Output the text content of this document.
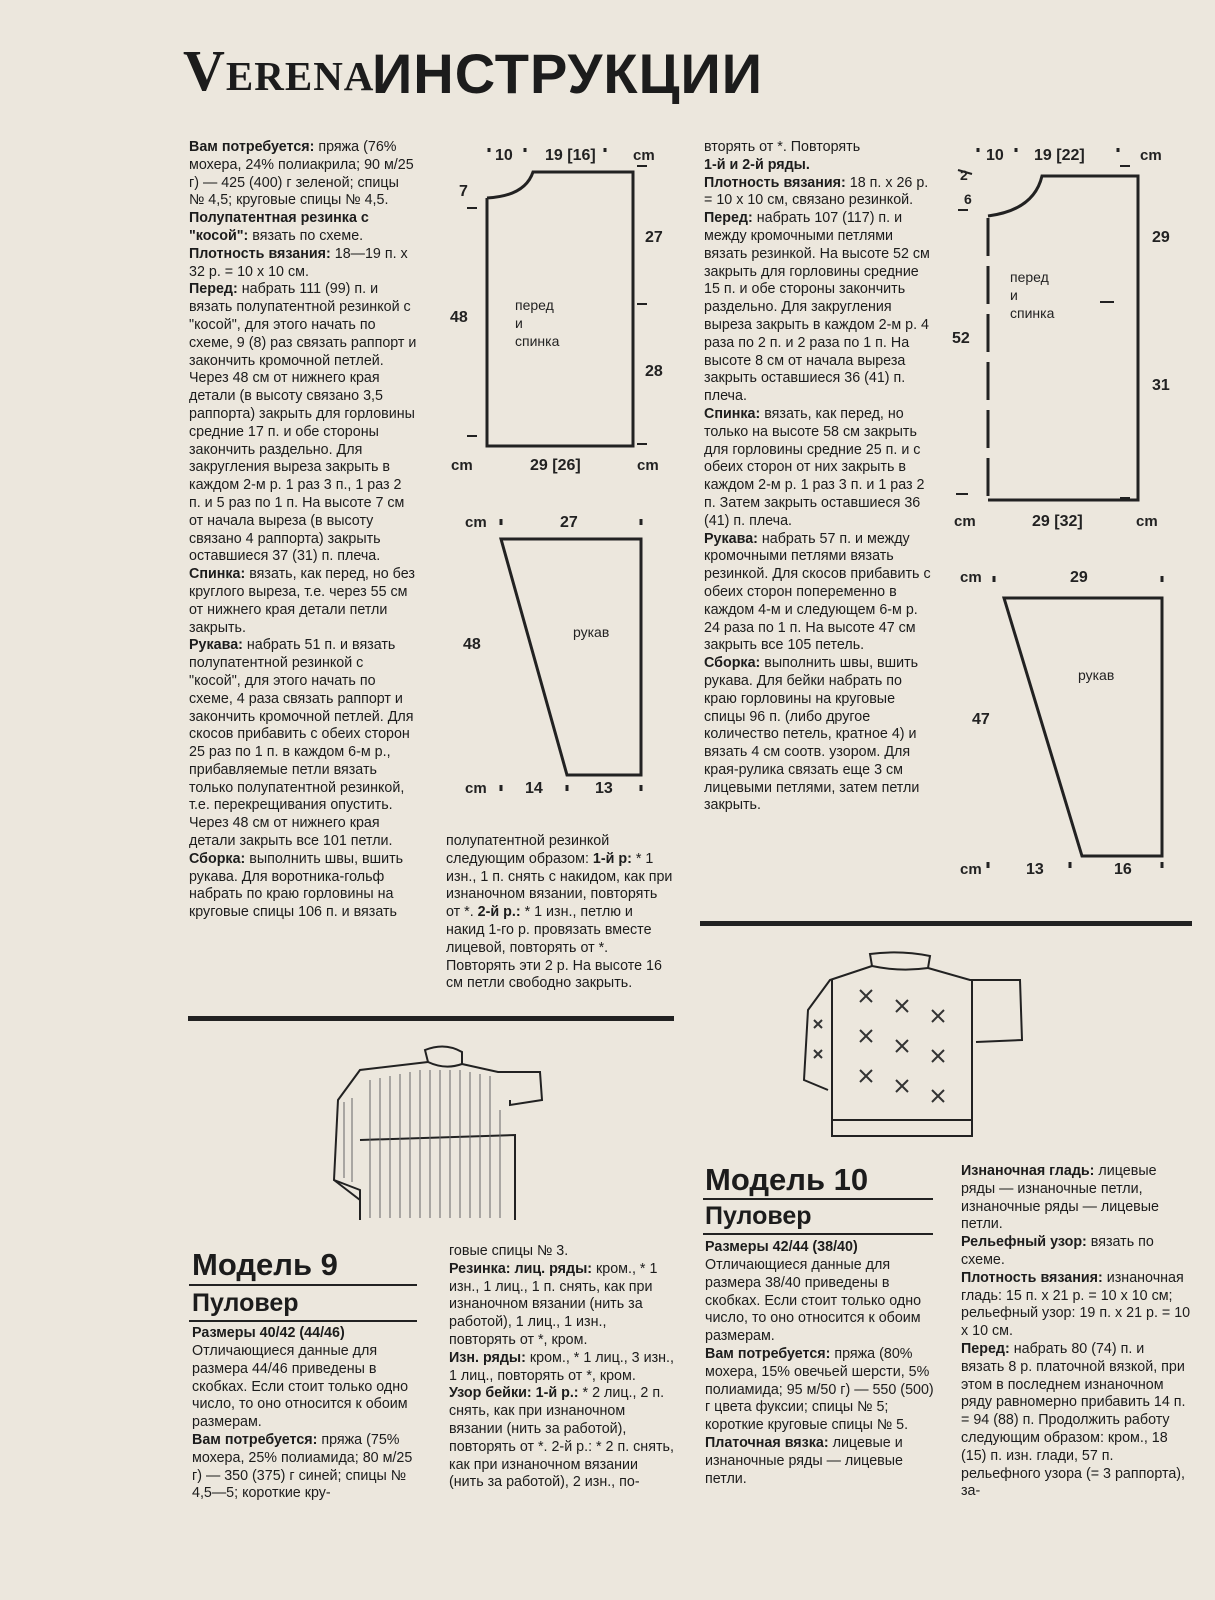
Verena
ИНСТРУКЦИИ

Вам потребуется: пряжа (76% мохера, 24% полиакрила; 90 м/25 г) — 425 (400) г зеленой; спицы № 4,5; круговые спицы № 4,5.

Полупатентная резинка с "косой": вязать по схеме.

Плотность вязания: 18—19 п. х 32 р. = 10 х 10 см.

Перед: набрать 111 (99) п. и вязать полупатентной резинкой с "косой", для этого начать по схеме, 9 (8) раз связать раппорт и закончить кромочной петлей. Через 48 см от нижнего края детали (в высоту связано 3,5 раппорта) закрыть для горловины средние 17 п. и обе стороны закончить раздельно. Для закругления выреза закрыть в каждом 2-м р. 1 раз 3 п., 1 раз 2 п. и 5 раз по 1 п. На высоте 7 см от начала выреза (в высоту связано 4 раппорта) закрыть оставшиеся 37 (31) п. плеча.

Спинка: вязать, как перед, но без круглого выреза, т.е. через 55 см от нижнего края детали петли закрыть.

Рукава: набрать 51 п. и вязать полупатентной резинкой с "косой", для этого начать по схеме, 4 раза связать раппорт и закончить кромочной петлей. Для скосов прибавить с обеих сторон 25 раз по 1 п. в каждом 6-м р., прибавляемые петли вязать только полупатентной резинкой, т.е. перекрещивания опустить. Через 48 см от нижнего края детали закрыть все 101 петли.

Сборка: выполнить швы, вшить рукава. Для воротника-гольф набрать по краю горловины на круговые спицы 106 п. и вязать

полупатентной резинкой следующим образом: 1-й р: * 1 изн., 1 п. снять с накидом, как при изнаночном вязании, повторять от *. 2-й р.: * 1 изн., петлю и накид 1-го р. провязать вместе лицевой, повторять от *. Повторять эти 2 р. На высоте 16 см петли свободно закрыть.

вторять от *. Повторять

1-й и 2-й ряды.

Плотность вязания: 18 п. х 26 р. = 10 х 10 см, связано резинкой.

Перед: набрать 107 (117) п. и между кромочными петлями вязать резинкой. На высоте 52 см закрыть для горловины средние 15 п. и обе стороны закончить раздельно. Для закругления выреза закрыть в каждом 2-м р. 4 раза по 2 п. и 2 раза по 1 п. На высоте 8 см от начала выреза закрыть оставшиеся 36 (41) п. плеча.

Спинка: вязать, как перед, но только на высоте 58 см закрыть для горловины средние 25 п. и с обеих сторон от них закрыть в каждом 2-м р. 1 раз 3 п. и 1 раз 2 п. Затем закрыть оставшиеся 36 (41) п. плеча.

Рукава: набрать 57 п. и между кромочными петлями вязать резинкой. Для скосов прибавить с обеих сторон попеременно в каждом 4-м и следующем 6-м р. 24 раза по 1 п. На высоте 47 см закрыть все 105 петель.

Сборка: выполнить швы, вшить рукава. Для бейки набрать по краю горловины на круговые спицы 96 п. (либо другое количество петель, кратное 4) и вязать 4 см соотв. узором. Для края-рулика связать еще 3 см лицевыми петлями, затем петли закрыть.

10 19 [16] cm
7
48
27
28
cm	29 [26]	cm
перед
и
спинка
cm	27
48
рукав
cm 14	13
10 19 [22]	cm
2
6
52
29
31
перед
и
спинка
cm	29 [32]	cm
cm	29
47
рукав
cm	13	16
Модель 9
Пуловер
Размеры 40/42 (44/46)

Отличающиеся данные для размера 44/46 приведены в скобках. Если стоит только одно число, то оно относится к обоим размерам.

Вам потребуется: пряжа (75% мохера, 25% полиамида; 80 м/25 г) — 350 (375) г синей; спицы № 4,5—5; короткие кру-

говые спицы № 3.

Резинка: лиц. ряды: кром., * 1 изн., 1 лиц., 1 п. снять, как при изнаночном вязании (нить за работой), 1 лиц., 1 изн., повторять от *, кром.

Изн. ряды: кром., * 1 лиц., 3 изн., 1 лиц., повторять от *, кром.

Узор бейки: 1-й р.: * 2 лиц., 2 п. снять, как при изнаночном вязании (нить за работой), повторять от *. 2-й р.: * 2 п. снять, как при изнаночном вязании (нить за работой), 2 изн., по-

Модель 10
Пуловер
Размеры 42/44 (38/40)

Отличающиеся данные для размера 38/40 приведены в скобках. Если стоит только одно число, то оно относится к обоим размерам.

Вам потребуется: пряжа (80% мохера, 15% овечьей шерсти, 5% полиамида; 95 м/50 г) — 550 (500) г цвета фуксии; спицы № 5; короткие круговые спицы № 5.

Платочная вязка: лицевые и изнаночные ряды — лицевые петли.

Изнаночная гладь: лицевые ряды — изнаночные петли, изнаночные ряды — лицевые петли.

Рельефный узор: вязать по схеме.

Плотность вязания: изнаночная гладь: 15 п. х 21 р. = 10 х 10 см; рельефный узор: 19 п. х 21 р. = 10 х 10 см.

Перед: набрать 80 (74) п. и вязать 8 р. платочной вязкой, при этом в последнем изнаночном ряду равномерно прибавить 14 п. = 94 (88) п. Продолжить работу следующим образом: кром., 18 (15) п. изн. глади, 57 п. рельефного узора (= 3 раппорта), за-
